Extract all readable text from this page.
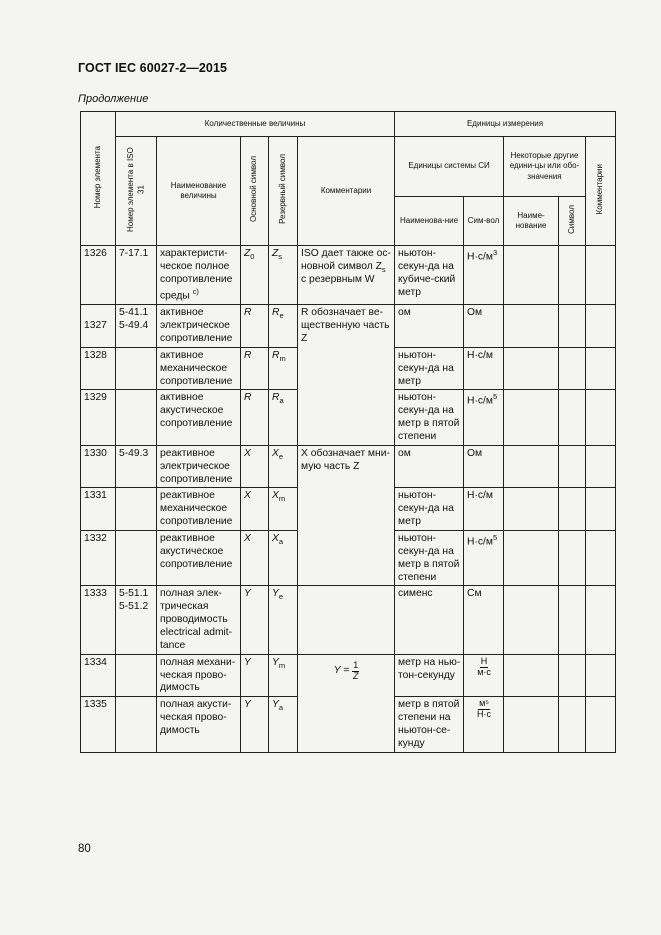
ГОСТ IEC 60027-2—2015
Продолжение
Номер элемента	Количественные величины					Единицы измерения				
	Номер элемента в ISO 31	Наименование величины	Основной символ	Резервный символ	Комментарии	Единицы системы СИ		Некоторые другие едини-цы или обо-значения		Комментарии
						Наименова-ние	Сим-вол	Наиме-нование	Символ	
1326	7-17.1	характеристи-ческое полное сопротивление среды $^{c)}$	$Z_0$	$Z_s$	ISO дает также ос-новной символ $Z_s$ с резервным W	ньютон-секун-да на кубиче-ский метр	$Н\cdot с/м^3$			
1327	5-41.1 5-49.4	активное электрическое сопротивление	R	$R_e$	R обозначает ве-щественную часть Z	ом	Ом			
1328		активное механическое сопротивление	R	$R_m$		ньютон-секун-да на метр	Н·с/м			
1329		активное акустическое сопротивление	R	$R_a$		ньютон-секун-да на метр в пятой степени	$Н\cdot с/м^5$			
1330	5-49.3	реактивное электрическое сопротивление	X	$X_e$	X обозначает мни-мую часть Z	ом	Ом			
1331		реактивное механическое сопротивление	X	$X_m$		ньютон-секун-да на метр	Н·с/м			
1332		реактивное акустическое сопротивление	X	$X_a$		ньютон-секун-да на метр в пятой степени	$Н\cdot с/м^5$			
1333	5-51.1 5-51.2	полная элек-трическая проводимость electrical admit-tance	Y	$Y_e$		сименс	См			
1334		полная механи-ческая прово-димость	Y	$Y_m$	$Y = \frac{1}{Z}$	метр на нью-тон-секунду	$\frac{Н}{м\cdot с}$

1335		полная акусти-ческая прово-димость	Y	$Y_a$		метр в пятой степени на ньютон-се-кунду	$\frac{\text{м⁵}}{Н\cdot с}$

80
